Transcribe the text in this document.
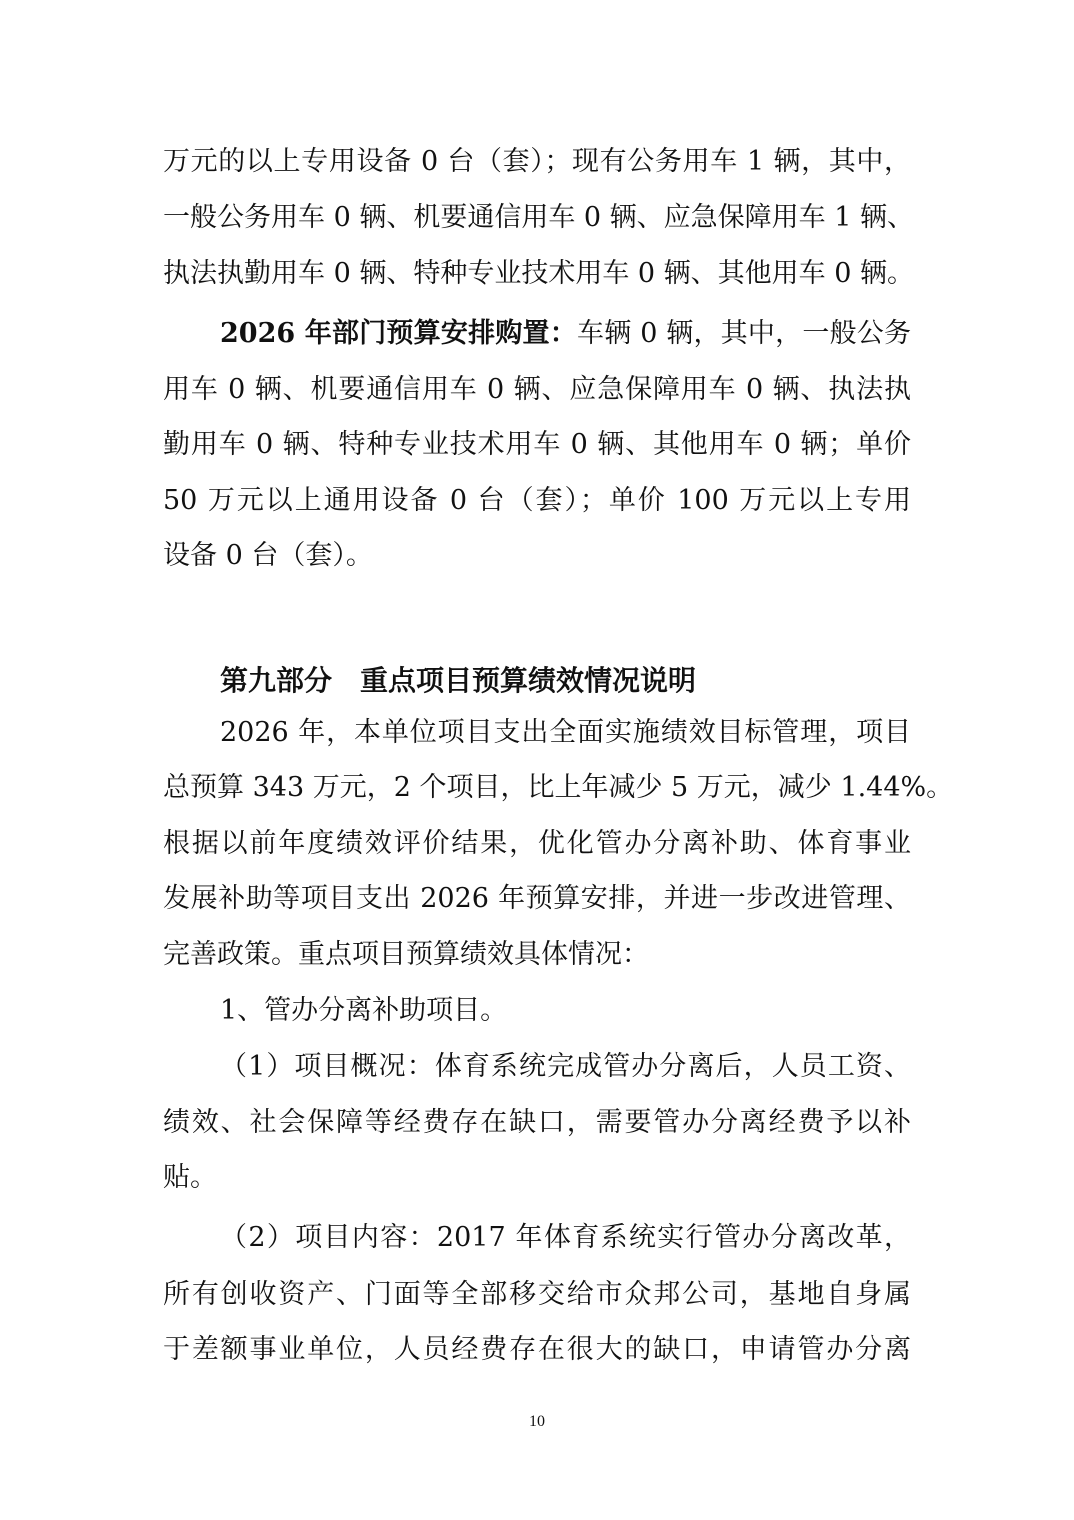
万元的以上专用设备 0 台（套）；现有公务用车 1 辆，其中，
一般公务用车 0 辆、机要通信用车 0 辆、应急保障用车 1 辆、
执法执勤用车 0 辆、特种专业技术用车 0 辆、其他用车 0 辆。
2026 年部门预算安排购置：车辆 0 辆，其中，一般公务
用车 0 辆、机要通信用车 0 辆、应急保障用车 0 辆、执法执
勤用车 0 辆、特种专业技术用车 0 辆、其他用车 0 辆；单价
50 万元以上通用设备 0 台（套）；单价 100 万元以上专用
设备 0 台（套）。
第九部分 重点项目预算绩效情况说明
2026 年，本单位项目支出全面实施绩效目标管理，项目
总预算 343 万元，2 个项目，比上年减少 5 万元，减少 1.44%。
根据以前年度绩效评价结果，优化管办分离补助、体育事业
发展补助等项目支出 2026 年预算安排，并进一步改进管理、
完善政策。重点项目预算绩效具体情况：
1、管办分离补助项目。
（1）项目概况：体育系统完成管办分离后，人员工资、
绩效、社会保障等经费存在缺口，需要管办分离经费予以补
贴。
（2）项目内容：2017 年体育系统实行管办分离改革，
所有创收资产、门面等全部移交给市众邦公司，基地自身属
于差额事业单位，人员经费存在很大的缺口，申请管办分离
10
